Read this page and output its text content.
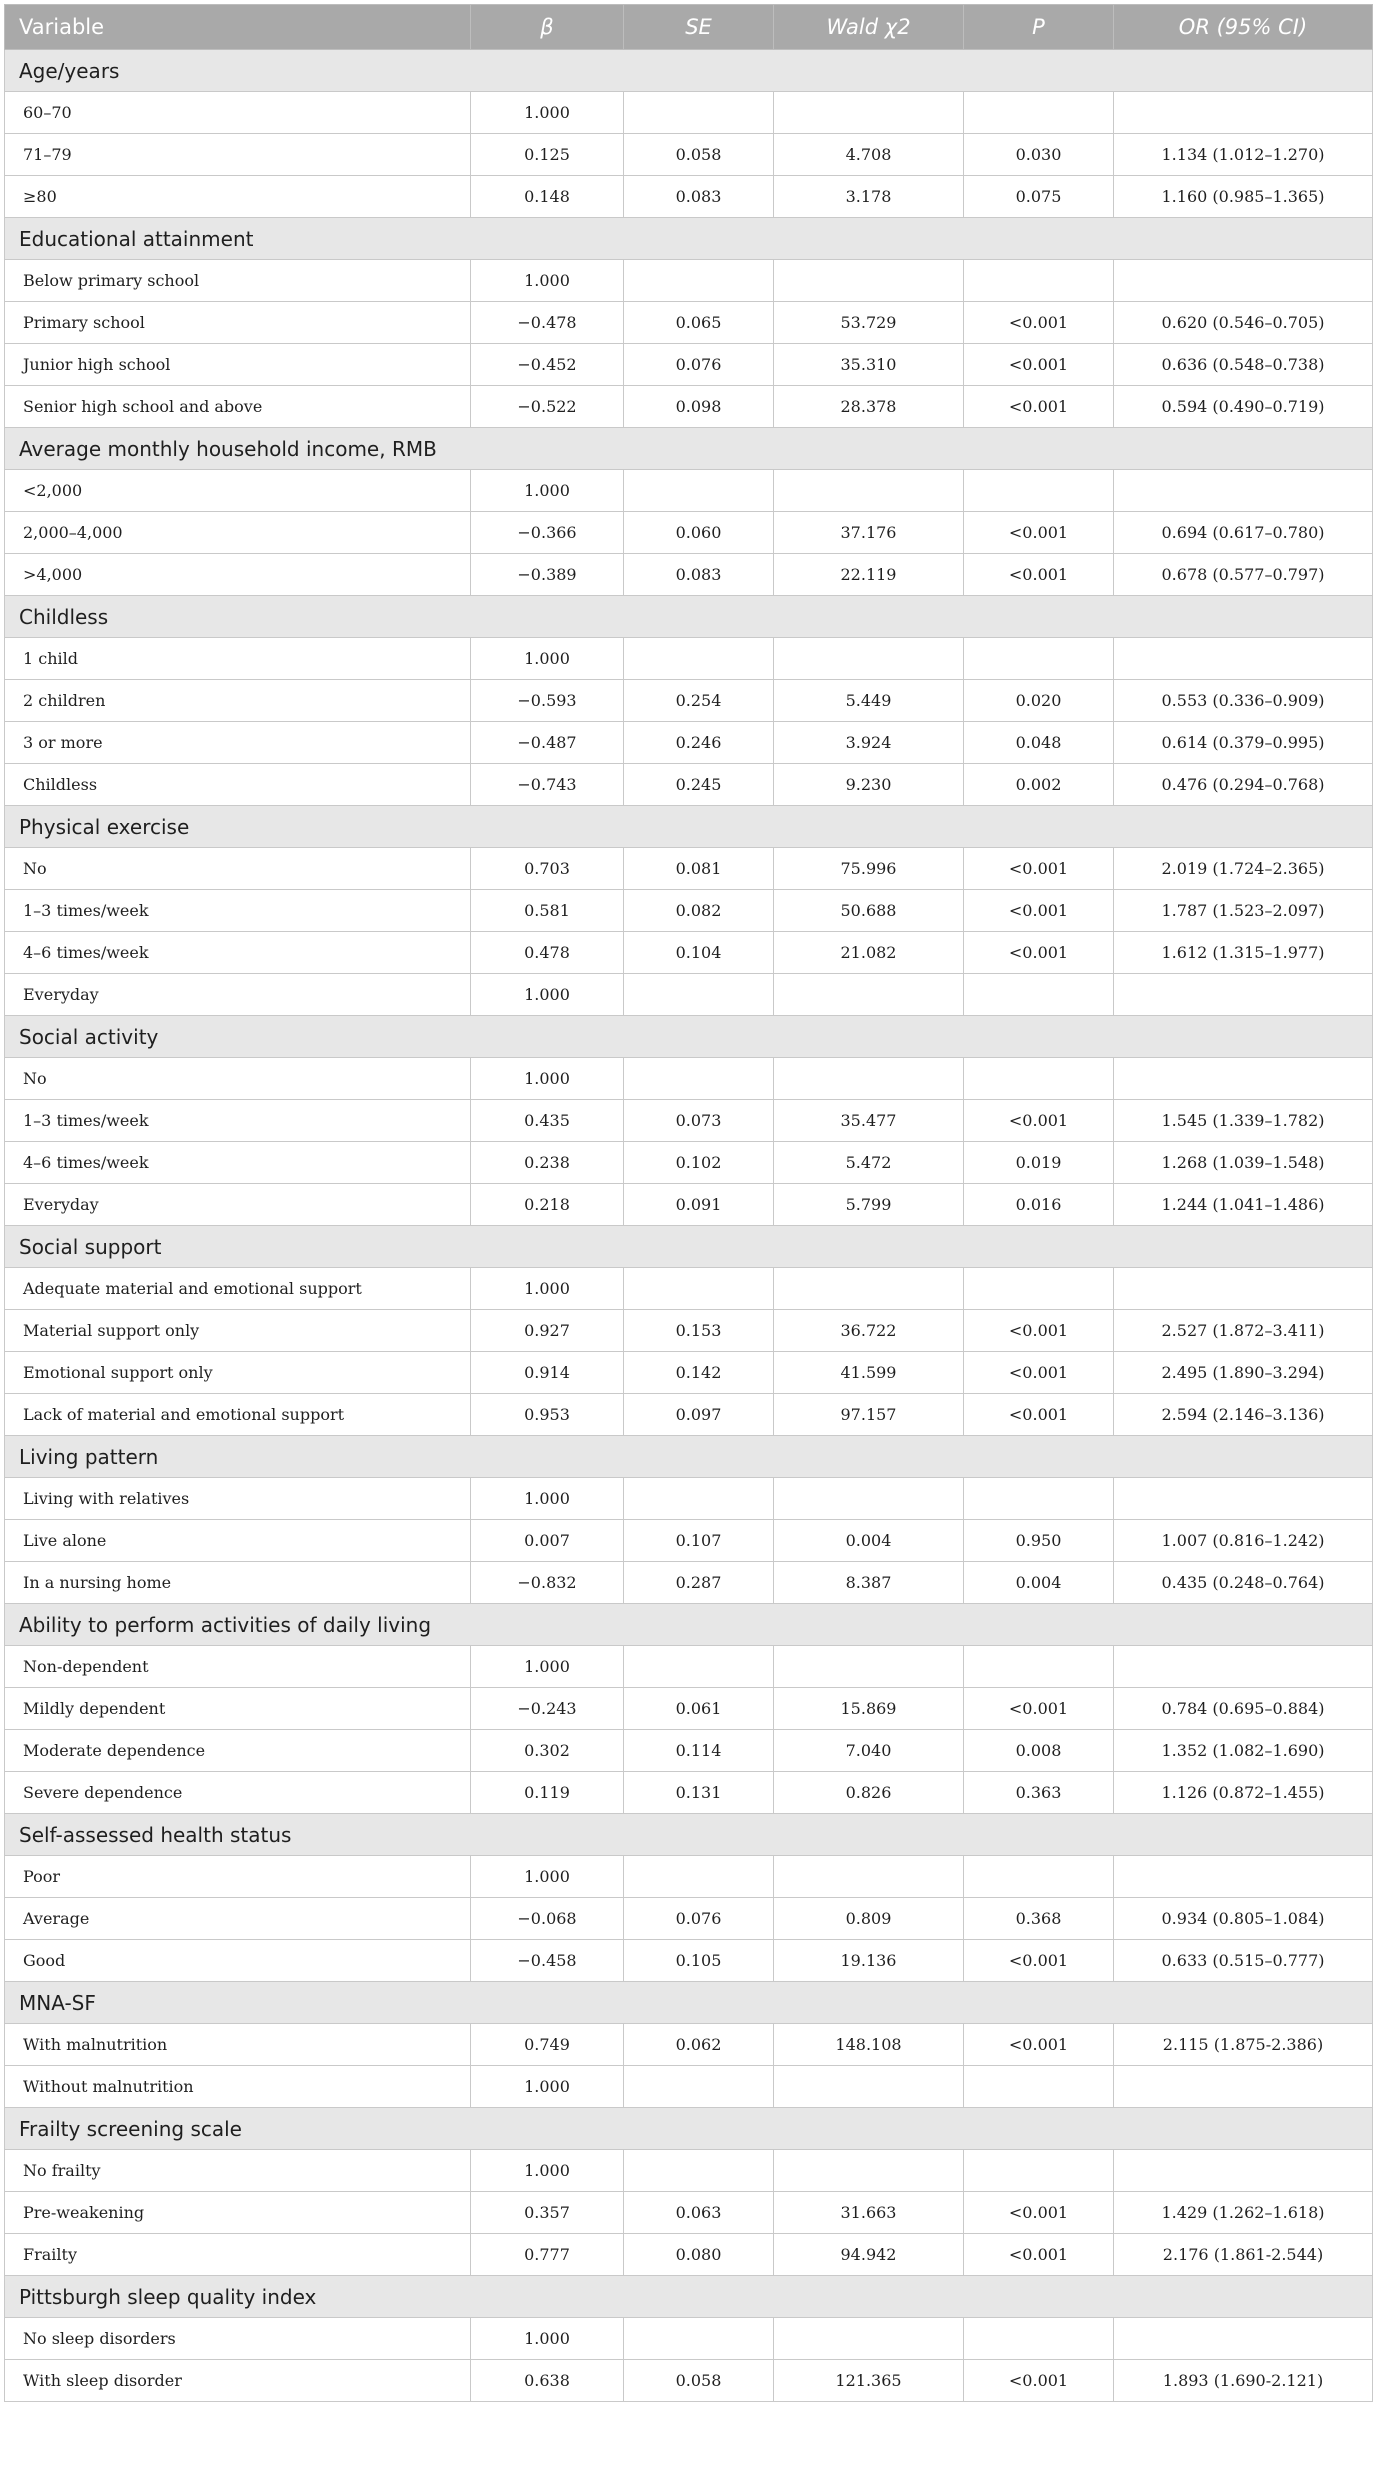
Variable	β	SE	Wald χ2	P	OR (95% CI)
Age/years					
60–70	1.000				
71–79	0.125	0.058	4.708	0.030	1.134 (1.012–1.270)
≥80	0.148	0.083	3.178	0.075	1.160 (0.985–1.365)
Educational attainment					
Below primary school	1.000				
Primary school	−0.478	0.065	53.729	<0.001	0.620 (0.546–0.705)
Junior high school	−0.452	0.076	35.310	<0.001	0.636 (0.548–0.738)
Senior high school and above	−0.522	0.098	28.378	<0.001	0.594 (0.490–0.719)
Average monthly household income, RMB					
<2,000	1.000				
2,000–4,000	−0.366	0.060	37.176	<0.001	0.694 (0.617–0.780)
>4,000	−0.389	0.083	22.119	<0.001	0.678 (0.577–0.797)
Childless					
1 child	1.000				
2 children	−0.593	0.254	5.449	0.020	0.553 (0.336–0.909)
3 or more	−0.487	0.246	3.924	0.048	0.614 (0.379–0.995)
Childless	−0.743	0.245	9.230	0.002	0.476 (0.294–0.768)
Physical exercise					
No	0.703	0.081	75.996	<0.001	2.019 (1.724–2.365)
1–3 times/week	0.581	0.082	50.688	<0.001	1.787 (1.523–2.097)
4–6 times/week	0.478	0.104	21.082	<0.001	1.612 (1.315–1.977)
Everyday	1.000				
Social activity					
No	1.000				
1–3 times/week	0.435	0.073	35.477	<0.001	1.545 (1.339–1.782)
4–6 times/week	0.238	0.102	5.472	0.019	1.268 (1.039–1.548)
Everyday	0.218	0.091	5.799	0.016	1.244 (1.041–1.486)
Social support					
Adequate material and emotional support	1.000				
Material support only	0.927	0.153	36.722	<0.001	2.527 (1.872–3.411)
Emotional support only	0.914	0.142	41.599	<0.001	2.495 (1.890–3.294)
Lack of material and emotional support	0.953	0.097	97.157	<0.001	2.594 (2.146–3.136)
Living pattern					
Living with relatives	1.000				
Live alone	0.007	0.107	0.004	0.950	1.007 (0.816–1.242)
In a nursing home	−0.832	0.287	8.387	0.004	0.435 (0.248–0.764)
Ability to perform activities of daily living					
Non-dependent	1.000				
Mildly dependent	−0.243	0.061	15.869	<0.001	0.784 (0.695–0.884)
Moderate dependence	0.302	0.114	7.040	0.008	1.352 (1.082–1.690)
Severe dependence	0.119	0.131	0.826	0.363	1.126 (0.872–1.455)
Self-assessed health status					
Poor	1.000				
Average	−0.068	0.076	0.809	0.368	0.934 (0.805–1.084)
Good	−0.458	0.105	19.136	<0.001	0.633 (0.515–0.777)
MNA-SF					
With malnutrition	0.749	0.062	148.108	<0.001	2.115 (1.875-2.386)
Without malnutrition	1.000				
Frailty screening scale					
No frailty	1.000				
Pre-weakening	0.357	0.063	31.663	<0.001	1.429 (1.262–1.618)
Frailty	0.777	0.080	94.942	<0.001	2.176 (1.861-2.544)
Pittsburgh sleep quality index					
No sleep disorders	1.000				
With sleep disorder	0.638	0.058	121.365	<0.001	1.893 (1.690-2.121)
